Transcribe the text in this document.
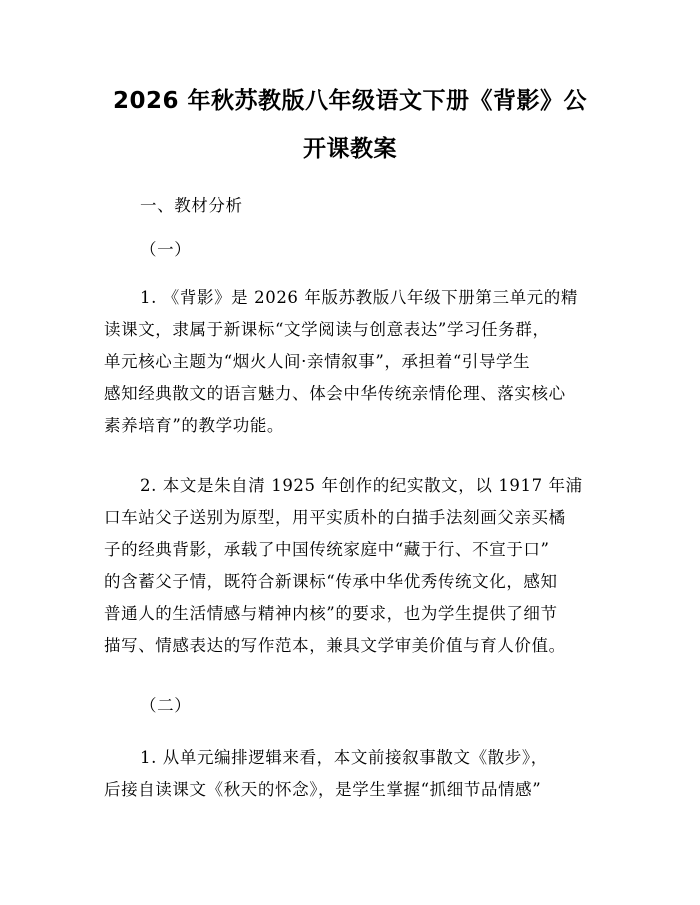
2026 年秋苏教版八年级语文下册《背影》公
开课教案
一、教材分析
（一）
1. 《背影》是 2026 年版苏教版八年级下册第三单元的精
读课文，隶属于新课标“文学阅读与创意表达”学习任务群，
单元核心主题为“烟火人间·亲情叙事”，承担着“引导学生
感知经典散文的语言魅力、体会中华传统亲情伦理、落实核心
素养培育”的教学功能。
2. 本文是朱自清 1925 年创作的纪实散文，以 1917 年浦
口车站父子送别为原型，用平实质朴的白描手法刻画父亲买橘
子的经典背影，承载了中国传统家庭中“藏于行、不宣于口”
的含蓄父子情，既符合新课标“传承中华优秀传统文化，感知
普通人的生活情感与精神内核”的要求，也为学生提供了细节
描写、情感表达的写作范本，兼具文学审美价值与育人价值。
（二）
1. 从单元编排逻辑来看，本文前接叙事散文《散步》，
后接自读课文《秋天的怀念》，是学生掌握“抓细节品情感”
